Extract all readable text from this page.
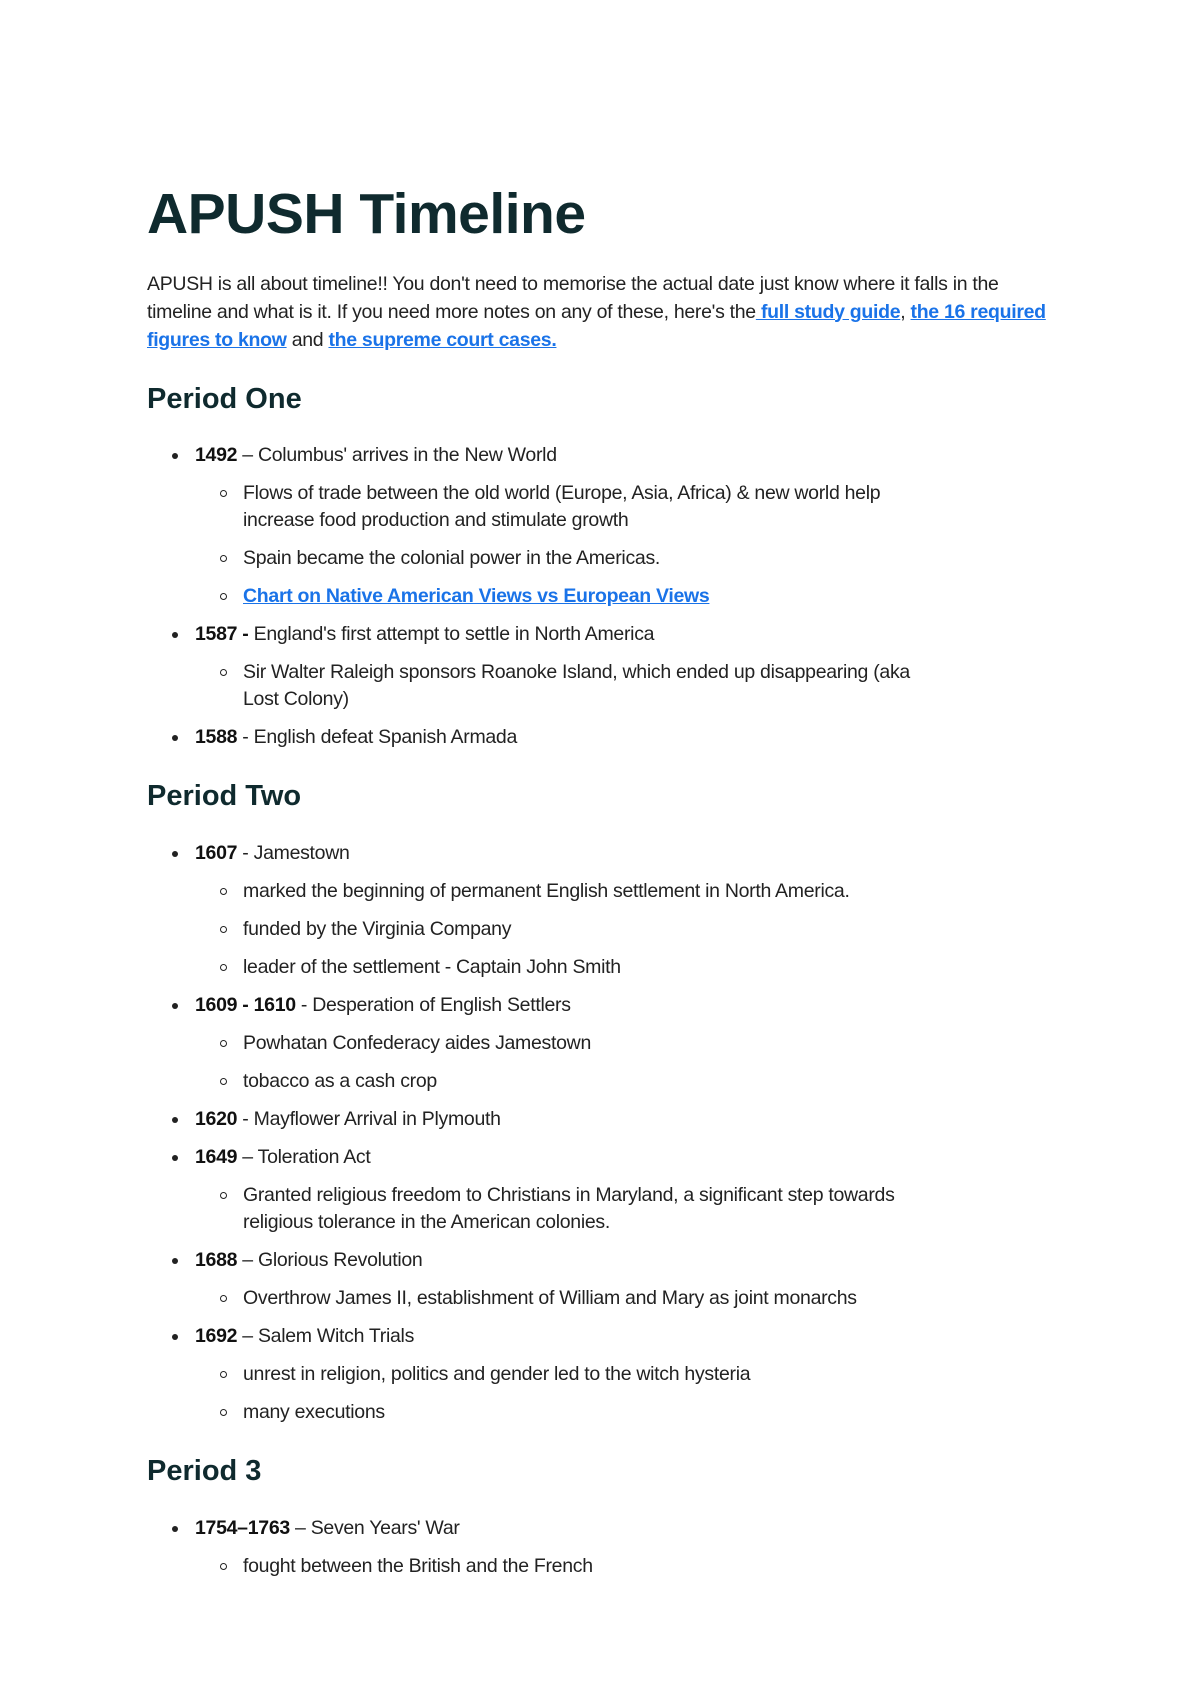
APUSH Timeline

APUSH is all about timeline!! You don't need to memorise the actual date just know where it falls in the timeline and what is it. If you need more notes on any of these, here's the full study guide, the 16 required figures to know and the supreme court cases.

Period One
1492 – Columbus' arrives in the New World
Flows of trade between the old world (Europe, Asia, Africa) & new world help increase food production and stimulate growth
Spain became the colonial power in the Americas.
Chart on Native American Views vs European Views
1587 - England's first attempt to settle in North America
Sir Walter Raleigh sponsors Roanoke Island, which ended up disappearing (aka Lost Colony)
1588 - English defeat Spanish Armada
Period Two
1607 - Jamestown
marked the beginning of permanent English settlement in North America.
funded by the Virginia Company
leader of the settlement - Captain John Smith
1609 - 1610 - Desperation of English Settlers
Powhatan Confederacy aides Jamestown
tobacco as a cash crop
1620 - Mayflower Arrival in Plymouth
1649 – Toleration Act
Granted religious freedom to Christians in Maryland, a significant step towards religious tolerance in the American colonies.
1688 – Glorious Revolution
Overthrow James II, establishment of William and Mary as joint monarchs
1692 – Salem Witch Trials
unrest in religion, politics and gender led to the witch hysteria
many executions
Period 3
1754–1763 – Seven Years' War
fought between the British and the French
